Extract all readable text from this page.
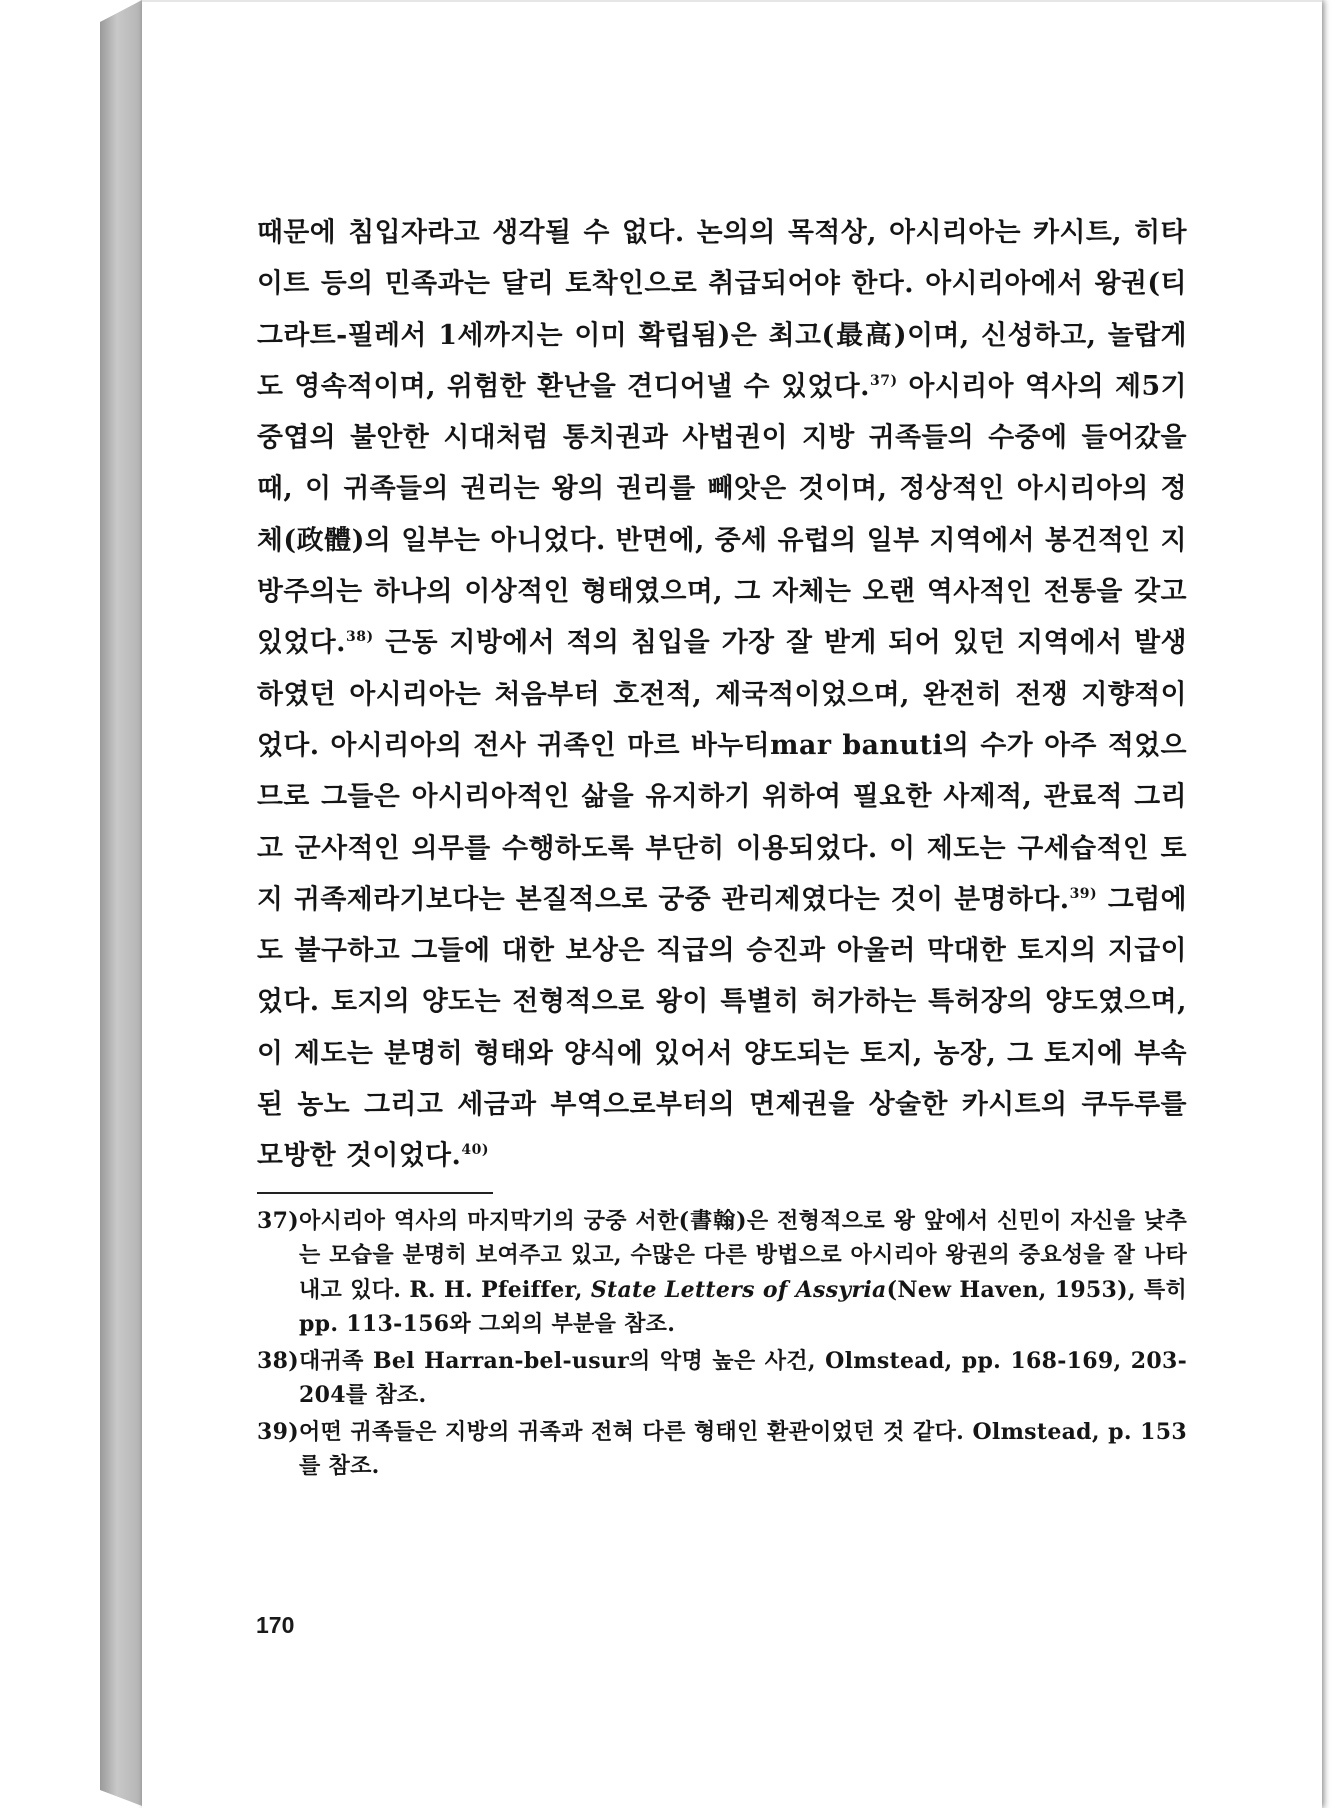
때문에 침입자라고 생각될 수 없다. 논의의 목적상, 아시리아는 카시트, 히타이트 등의 민족과는 달리 토착인으로 취급되어야 한다. 아시리아에서 왕권(티그라트-필레서 1세까지는 이미 확립됨)은 최고(最高)이며, 신성하고, 놀랍게도 영속적이며, 위험한 환난을 견디어낼 수 있었다.$^{37)}$ 아시리아 역사의 제5기 중엽의 불안한 시대처럼 통치권과 사법권이 지방 귀족들의 수중에 들어갔을 때, 이 귀족들의 권리는 왕의 권리를 빼앗은 것이며, 정상적인 아시리아의 정체(政體)의 일부는 아니었다. 반면에, 중세 유럽의 일부 지역에서 봉건적인 지방주의는 하나의 이상적인 형태였으며, 그 자체는 오랜 역사적인 전통을 갖고 있었다.$^{38)}$ 근동 지방에서 적의 침입을 가장 잘 받게 되어 있던 지역에서 발생하였던 아시리아는 처음부터 호전적, 제국적이었으며, 완전히 전쟁 지향적이었다. 아시리아의 전사 귀족인 마르 바누티mar banuti의 수가 아주 적었으므로 그들은 아시리아적인 삶을 유지하기 위하여 필요한 사제적, 관료적 그리고 군사적인 의무를 수행하도록 부단히 이용되었다. 이 제도는 구세습적인 토지 귀족제라기보다는 본질적으로 궁중 관리제였다는 것이 분명하다.$^{39)}$ 그럼에도 불구하고 그들에 대한 보상은 직급의 승진과 아울러 막대한 토지의 지급이었다. 토지의 양도는 전형적으로 왕이 특별히 허가하는 특허장의 양도였으며, 이 제도는 분명히 형태와 양식에 있어서 양도되는 토지, 농장, 그 토지에 부속된 농노 그리고 세금과 부역으로부터의 면제권을 상술한 카시트의 쿠두루를 모방한 것이었다.$^{40)}$

37)아시리아 역사의 마지막기의 궁중 서한(書翰)은 전형적으로 왕 앞에서 신민이 자신을 낮추는 모습을 분명히 보여주고 있고, 수많은 다른 방법으로 아시리아 왕권의 중요성을 잘 나타내고 있다. R. H. Pfeiffer, State Letters of Assyria(New Haven, 1953), 특히 pp. 113-156와 그외의 부분을 참조.

38)대귀족 Bel Harran-bel-usur의 악명 높은 사건, Olmstead, pp. 168-169, 203-204를 참조.

39)어떤 귀족들은 지방의 귀족과 전혀 다른 형태인 환관이었던 것 같다. Olmstead, p. 153를 참조.

170
